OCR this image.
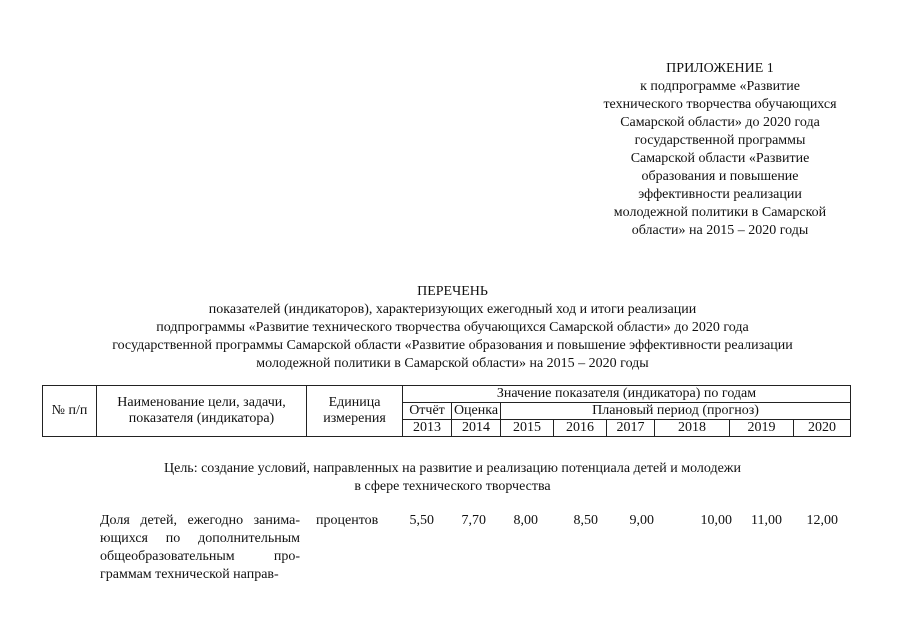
ПРИЛОЖЕНИЕ 1
к подпрограмме «Развитие
технического творчества обучающихся
Самарской области» до 2020 года
государственной программы
Самарской области «Развитие
образования и повышение
эффективности реализации
молодежной политики в Самарской
области» на 2015 – 2020 годы
ПЕРЕЧЕНЬ
показателей (индикаторов), характеризующих ежегодный ход и итоги реализации
подпрограммы «Развитие технического творчества обучающихся Самарской области» до 2020 года
государственной программы Самарской области «Развитие образования и повышение эффективности реализации
молодежной политики в Самарской области» на 2015 – 2020 годы
№ п/п	Наименование цели, задачи, показателя (индикатора)	Единица измерения	Значение показателя (индикатора) по годам							
			Отчёт	Оценка	Плановый период (прогноз)					
			2013	2014	2015	2016	2017	2018	2019	2020
Цель: создание условий, направленных на развитие и реализацию потенциала детей и молодежи
в сфере технического творчества
Доля детей, ежегодно занима-
ющихся по дополнительным
общеобразовательным про-
граммам технической направ-
процентов	5,50	7,70	8,00	8,50	9,00	10,00	11,00	12,00
